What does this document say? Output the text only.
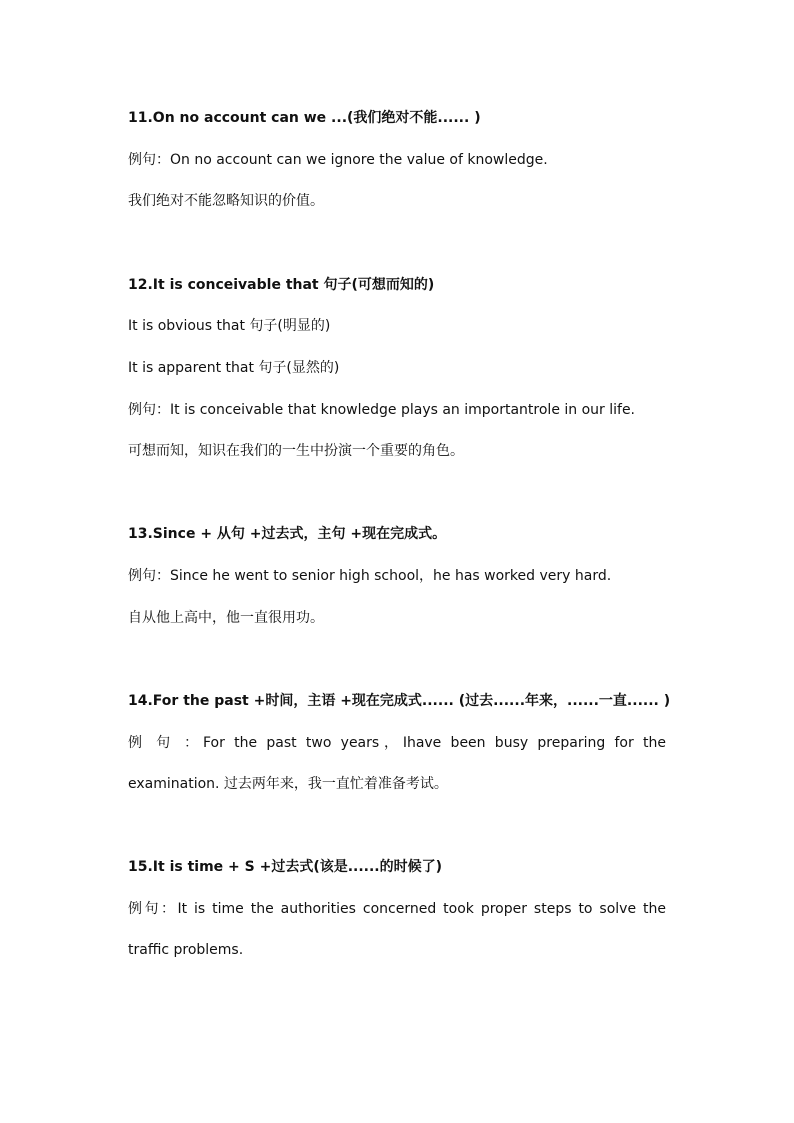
11.On no account can we ...(我们绝对不能...... )
例句：On no account can we ignore the value of knowledge.
我们绝对不能忽略知识的价值。
12.It is conceivable that 句子(可想而知的)
It is obvious that 句子(明显的)
It is apparent that 句子(显然的)
例句：It is conceivable that knowledge plays an importantrole in our life.
可想而知，知识在我们的一生中扮演一个重要的角色。
13.Since + 从句 +过去式，主句 +现在完成式。
例句：Since he went to senior high school，he has worked very hard.
自从他上高中，他一直很用功。
14.For the past +时间，主语 +现在完成式...... (过去......年来，......一直...... )
例 句 ：For the past two years，Ihave been busy preparing for the
examination. 过去两年来，我一直忙着准备考试。
15.It is time + S +过去式(该是......的时候了)
例句：It is time the authorities concerned took proper steps to solve the
traffic problems.
